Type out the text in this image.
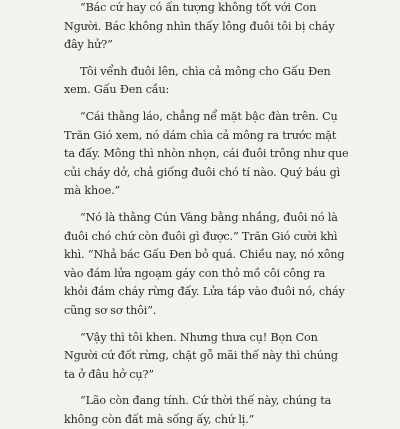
“Bác cứ hay có ấn tượng không tốt với Con
Người. Bác không nhìn thấy lông đuôi tôi bị cháy
đây hử?”

Tôi vểnh đuôi lên, chìa cả mông cho Gấu Đen
xem. Gấu Đen cầu:

“Cái thằng láo, chẳng nể mặt bậc đàn trên. Cụ
Trăn Gió xem, nó dám chìa cả mông ra trước mặt
ta đấy. Mông thì nhòn nhọn, cái đuôi trông như que
củi cháy dở, chả giống đuôi chó tí nào. Quý báu gì
mà khoe.”

“Nó là thằng Cún Vàng bằng nhắng, đuôi nó là
đuôi chó chứ còn đuôi gì được.” Trăn Gió cười khì
khì. “Nhả bác Gấu Đen bỏ quá. Chiều nay, nó xông
vào đám lửa ngoạm gáy con thỏ mồ côi công ra
khỏi đám cháy rừng đấy. Lửa táp vào đuôi nó, cháy
cũng sơ sơ thôi”.

“Vậy thì tôi khen. Nhưng thưa cụ! Bọn Con
Người cứ đốt rừng, chặt gỗ mãi thế này thì chúng
ta ở đâu hở cụ?”

“Lão còn đang tính. Cứ thời thế này, chúng ta
không còn đất mà sống ấy, chứ lị.”
